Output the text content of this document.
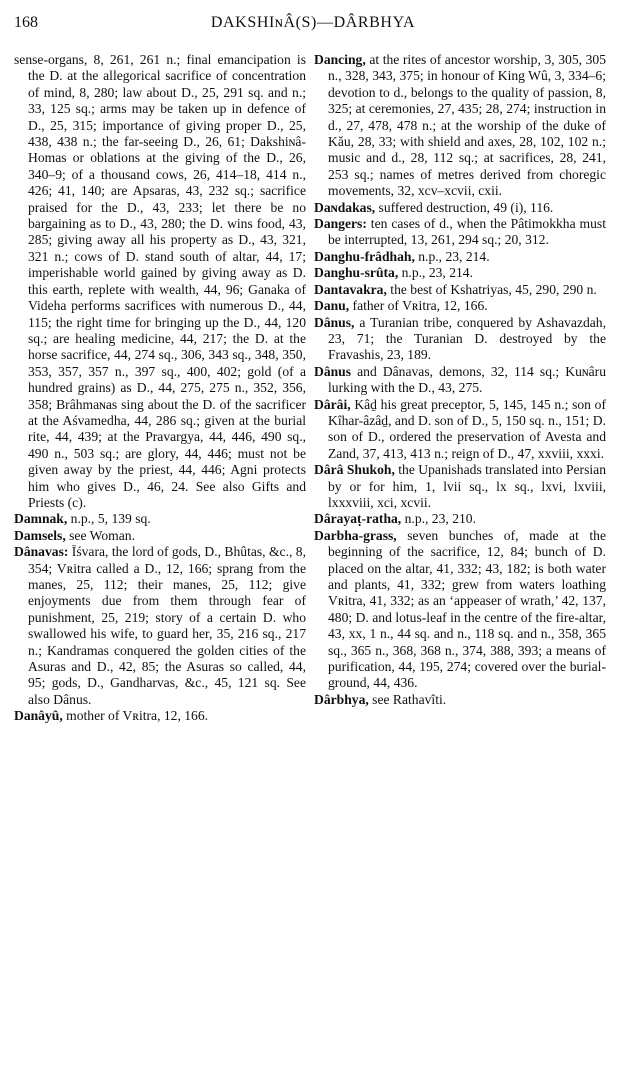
168	DAKSHIɴÂ(S)—DÂRBHYA

sense-organs, 8, 261, 261 n.; final emancipation is the D. at the allegorical sacrifice of concentration of mind, 8, 280; law about D., 25, 291 sq. and n.; 33, 125 sq.; arms may be taken up in defence of D., 25, 315; importance of giving proper D., 25, 438, 438 n.; the far-seeing D., 26, 61; Dakshiɴâ-Homas or oblations at the giving of the D., 26, 340–9; of a thousand cows, 26, 414–18, 414 n., 426; 41, 140; are Apsaras, 43, 232 sq.; sacrifice praised for the D., 43, 233; let there be no bargaining as to D., 43, 280; the D. wins food, 43, 285; giving away all his property as D., 43, 321, 321 n.; cows of D. stand south of altar, 44, 17; imperishable world gained by giving away as D. this earth, replete with wealth, 44, 96; Ganaka of Videha performs sacrifices with numerous D., 44, 115; the right time for bringing up the D., 44, 120 sq.; are healing medicine, 44, 217; the D. at the horse sacrifice, 44, 274 sq., 306, 343 sq., 348, 350, 353, 357, 357 n., 397 sq., 400, 402; gold (of a hundred grains) as D., 44, 275, 275 n., 352, 356, 358; Brâhmaɴas sing about the D. of the sacrificer at the Aśvamedha, 44, 286 sq.; given at the burial rite, 44, 439; at the Pravargya, 44, 446, 490 sq., 490 n., 503 sq.; are glory, 44, 446; must not be given away by the priest, 44, 446; Agni protects him who gives D., 46, 24. See also Gifts and Priests (c).

Damnak, n.p., 5, 139 sq.

Damsels, see Woman.

Dânavas: Īśvara, the lord of gods, D., Bhûtas, &c., 8, 354; Vʀitra called a D., 12, 166; sprang from the manes, 25, 112; their manes, 25, 112; give enjoyments due from them through fear of punishment, 25, 219; story of a certain D. who swallowed his wife, to guard her, 35, 216 sq., 217 n.; Kandramas conquered the golden cities of the Asuras and D., 42, 85; the Asuras so called, 44, 95; gods, D., Gandharvas, &c., 45, 121 sq. See also Dânus.

Danâyû, mother of Vʀitra, 12, 166.

Dancing, at the rites of ancestor worship, 3, 305, 305 n., 328, 343, 375; in honour of King Wû, 3, 334–6; devotion to d., belongs to the quality of passion, 8, 325; at ceremonies, 27, 435; 28, 274; instruction in d., 27, 478, 478 n.; at the worship of the duke of Kǎu, 28, 33; with shield and axes, 28, 102, 102 n.; music and d., 28, 112 sq.; at sacrifices, 28, 241, 253 sq.; names of metres derived from choregic movements, 32, xcv–xcvii, cxii.

Daɴdakas, suffered destruction, 49 (i), 116.

Dangers: ten cases of d., when the Pâtimokkha must be interrupted, 13, 261, 294 sq.; 20, 312.

Danghu-frâdhah, n.p., 23, 214.

Danghu-srûta, n.p., 23, 214.

Dantavakra, the best of Kshatriyas, 45, 290, 290 n.

Danu, father of Vʀitra, 12, 166.

Dânus, a Turanian tribe, conquered by Ashavazdah, 23, 71; the Turanian D. destroyed by the Fravashis, 23, 189.

Dânus and Dânavas, demons, 32, 114 sq.; Kuɴâru lurking with the D., 43, 275.

Dârâi, Kâḏ his great preceptor, 5, 145, 145 n.; son of Kîhar-âzâḏ, and D. son of D., 5, 150 sq. n., 151; D. son of D., ordered the preservation of Avesta and Zand, 37, 413, 413 n.; reign of D., 47, xxviii, xxxi.

Dârâ Shukoh, the Upanishads translated into Persian by or for him, 1, lvii sq., lx sq., lxvi, lxviii, lxxxviii, xci, xcvii.

Dârayaṭ-ratha, n.p., 23, 210.

Darbha-grass, seven bunches of, made at the beginning of the sacrifice, 12, 84; bunch of D. placed on the altar, 41, 332; 43, 182; is both water and plants, 41, 332; grew from waters loathing Vʀitra, 41, 332; as an ‘appeaser of wrath,’ 42, 137, 480; D. and lotus-leaf in the centre of the fire-altar, 43, xx, 1 n., 44 sq. and n., 118 sq. and n., 358, 365 sq., 365 n., 368, 368 n., 374, 388, 393; a means of purification, 44, 195, 274; covered over the burial-ground, 44, 436.

Dârbhya, see Rathavîti.
